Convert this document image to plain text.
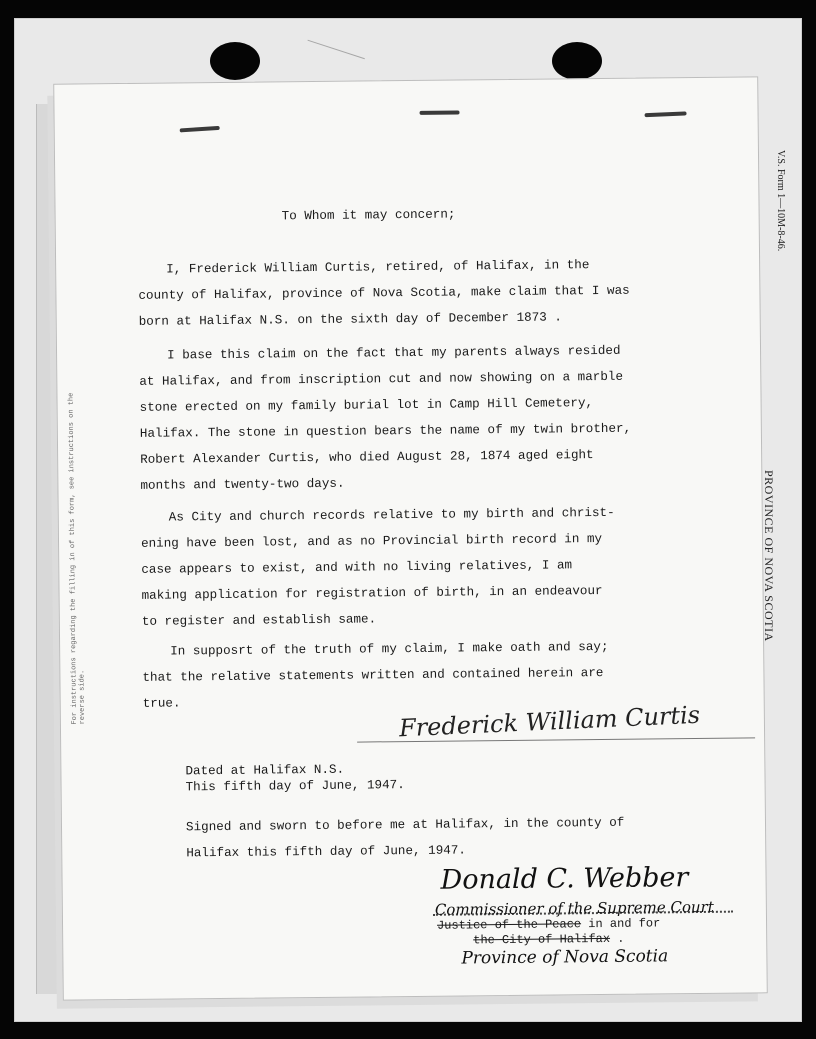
V.S. Form 1—10M-8-46.
PROVINCE OF NOVA SCOTIA
For instructions regarding the filling in of this form, see instructions on the reverse side.
To Whom it may concern;
I, Frederick William Curtis, retired, of Halifax, in the
county of Halifax, province of Nova Scotia, make claim that I was
born at Halifax N.S. on the sixth day of December 1873 .
I base this claim on the fact that my parents always resided
at Halifax, and from inscription cut and now showing on a marble
stone erected on my family burial lot in Camp Hill Cemetery,
Halifax. The stone in question bears the name of my twin brother,
Robert Alexander Curtis, who died August 28, 1874 aged eight
months and twenty-two days.
As City and church records relative to my birth and christ-
ening have been lost, and as no Provincial birth record in my
case appears to exist, and with no living relatives, I am
making application for registration of birth, in an endeavour
to register and establish same.
In supposrt of the truth of my claim, I make oath and say;
that the relative statements written and contained herein are
true.	Frederick William Curtis
Dated at Halifax N.S.
This fifth day of June, 1947.
Signed and sworn to before me at Halifax, in the county of
Halifax this fifth day of June, 1947.
Donald C. Webber
Commissioner of the Supreme Court
Justice of the Peace in and for
the City of Halifax .
Province of Nova Scotia
